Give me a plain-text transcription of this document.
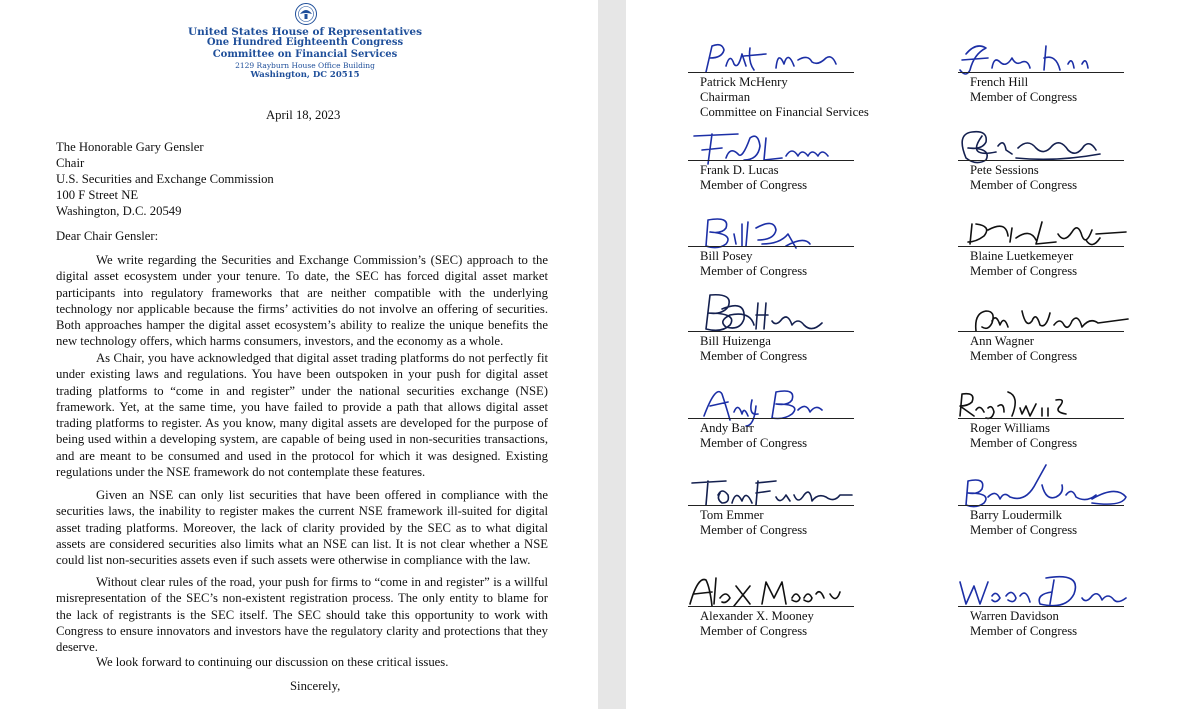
United States House of Representatives
One Hundred Eighteenth Congress
Committee on Financial Services
2129 Rayburn House Office Building
Washington, DC 20515
April 18, 2023
The Honorable Gary Gensler
Chair
U.S. Securities and Exchange Commission
100 F Street NE
Washington, D.C. 20549
Dear Chair Gensler:

We write regarding the Securities and Exchange Commission’s (SEC) approach to the digital asset ecosystem under your tenure. To date, the SEC has forced digital asset market participants into regulatory frameworks that are neither compatible with the underlying technology nor applicable because the firms’ activities do not involve an offering of securities. Both approaches hamper the digital asset ecosystem’s ability to realize the unique benefits the new technology offers, which harms consumers, investors, and the economy as a whole.

As Chair, you have acknowledged that digital asset trading platforms do not perfectly fit under existing laws and regulations. You have been outspoken in your push for digital asset trading platforms to “come in and register” under the national securities exchange (NSE) framework. Yet, at the same time, you have failed to provide a path that allows digital asset trading platforms to register. As you know, many digital assets are developed for the purpose of being used within a developing system, are capable of being used in non-securities transactions, and are meant to be consumed and used in the protocol for which it was designed. Existing regulations under the NSE framework do not contemplate these features.

Given an NSE can only list securities that have been offered in compliance with the securities laws, the inability to register makes the current NSE framework ill-suited for digital asset trading platforms. Moreover, the lack of clarity provided by the SEC as to what digital assets are considered securities also limits what an NSE can list. It is not clear whether a NSE could list non-securities assets even if such assets were otherwise in compliance with the law.

Without clear rules of the road, your push for firms to “come in and register” is a willful misrepresentation of the SEC’s non-existent registration process. The only entity to blame for the lack of registrants is the SEC itself. The SEC should take this opportunity to work with Congress to ensure innovators and investors have the regulatory clarity and protections that they deserve.

We look forward to continuing our discussion on these critical issues.

Sincerely,
Patrick McHenry
Chairman
Committee on Financial Services
French Hill
Member of Congress
Frank D. Lucas
Member of Congress
Pete Sessions
Member of Congress
Bill Posey
Member of Congress
Blaine Luetkemeyer
Member of Congress
Bill Huizenga
Member of Congress
Ann Wagner
Member of Congress
Andy Barr
Member of Congress
Roger Williams
Member of Congress
Tom Emmer
Member of Congress
Barry Loudermilk
Member of Congress
Alexander X. Mooney
Member of Congress
Warren Davidson
Member of Congress
